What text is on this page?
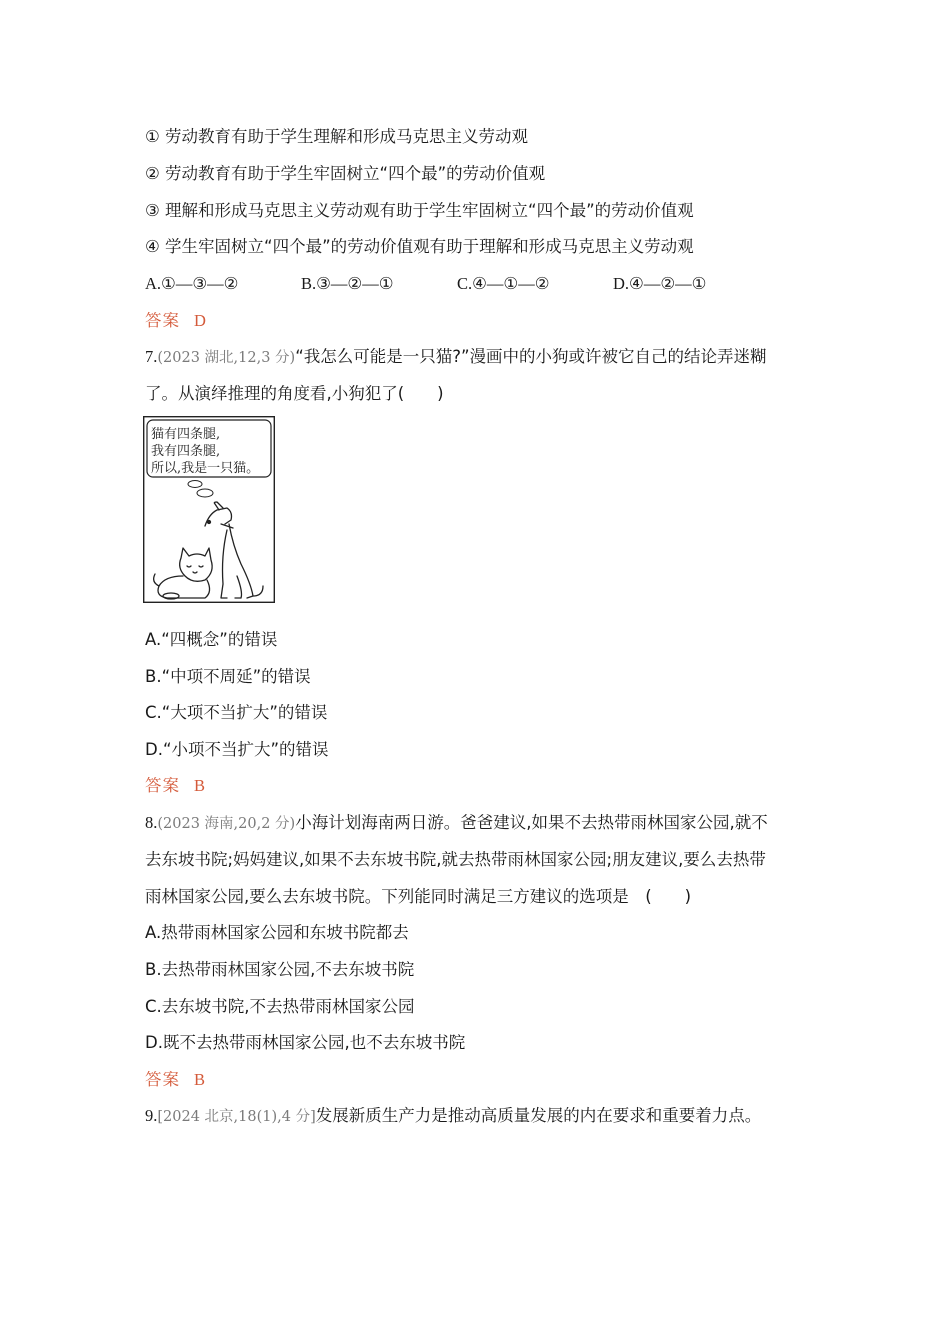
① 劳动教育有助于学生理解和形成马克思主义劳动观
② 劳动教育有助于学生牢固树立“四个最”的劳动价值观
③ 理解和形成马克思主义劳动观有助于学生牢固树立“四个最”的劳动价值观
④ 学生牢固树立“四个最”的劳动价值观有助于理解和形成马克思主义劳动观
A.①—③—②	B.③—②—①	C.④—①—②	D.④—②—①
答案 D
7.(2023 湖北,12,3 分)“我怎么可能是一只猫?”漫画中的小狗或许被它自己的结论弄迷糊
了。从演绎推理的角度看,小狗犯了(　　)
猫有四条腿,
我有四条腿,
所以,我是一只猫。
A.“四概念”的错误
B.“中项不周延”的错误
C.“大项不当扩大”的错误
D.“小项不当扩大”的错误
答案 B
8.(2023 海南,20,2 分)小海计划海南两日游。爸爸建议,如果不去热带雨林国家公园,就不
去东坡书院;妈妈建议,如果不去东坡书院,就去热带雨林国家公园;朋友建议,要么去热带
雨林国家公园,要么去东坡书院。下列能同时满足三方建议的选项是　(　　)
A.热带雨林国家公园和东坡书院都去
B.去热带雨林国家公园,不去东坡书院
C.去东坡书院,不去热带雨林国家公园
D.既不去热带雨林国家公园,也不去东坡书院
答案 B
9.[2024 北京,18(1),4 分]发展新质生产力是推动高质量发展的内在要求和重要着力点。
